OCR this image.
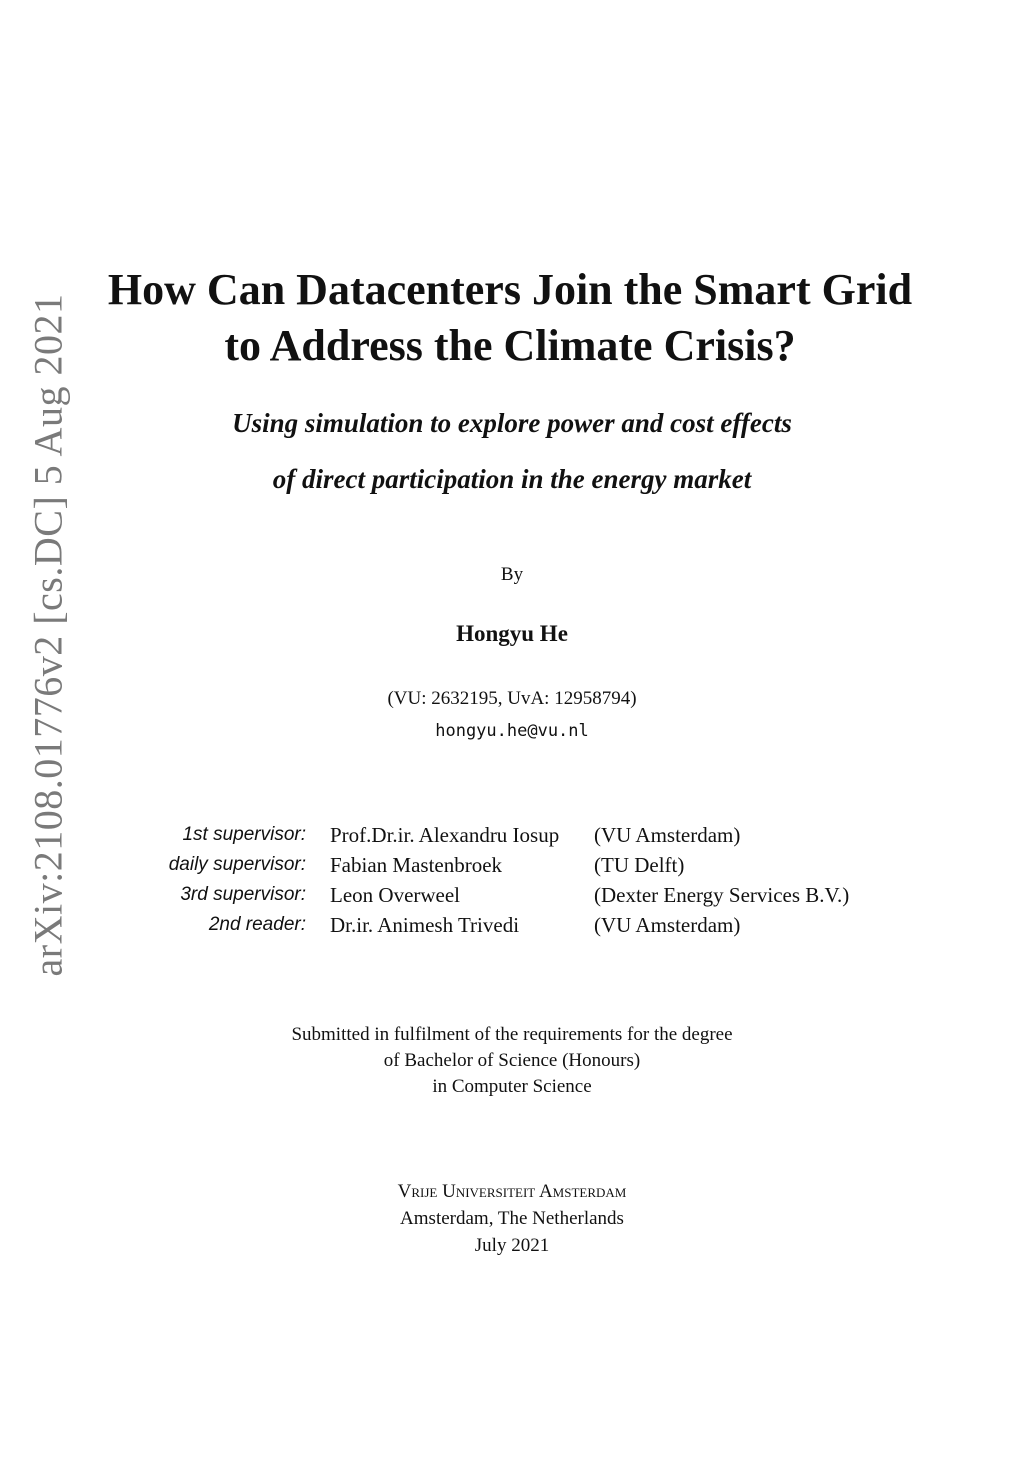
arXiv:2108.01776v2 [cs.DC] 5 Aug 2021
How Can Datacenters Join the Smart Grid
to Address the Climate Crisis?
Using simulation to explore power and cost effects
of direct participation in the energy market
By
Hongyu He
(VU: 2632195, UvA: 12958794)
hongyu.he@vu.nl
1st supervisor:	Prof.Dr.ir. Alexandru Iosup	(VU Amsterdam)
daily supervisor:	Fabian Mastenbroek	(TU Delft)
3rd supervisor:	Leon Overweel	(Dexter Energy Services B.V.)
2nd reader:	Dr.ir. Animesh Trivedi	(VU Amsterdam)
Submitted in fulfilment of the requirements for the degree
of Bachelor of Science (Honours)
in Computer Science
Vrije Universiteit Amsterdam
Amsterdam, The Netherlands
July 2021
